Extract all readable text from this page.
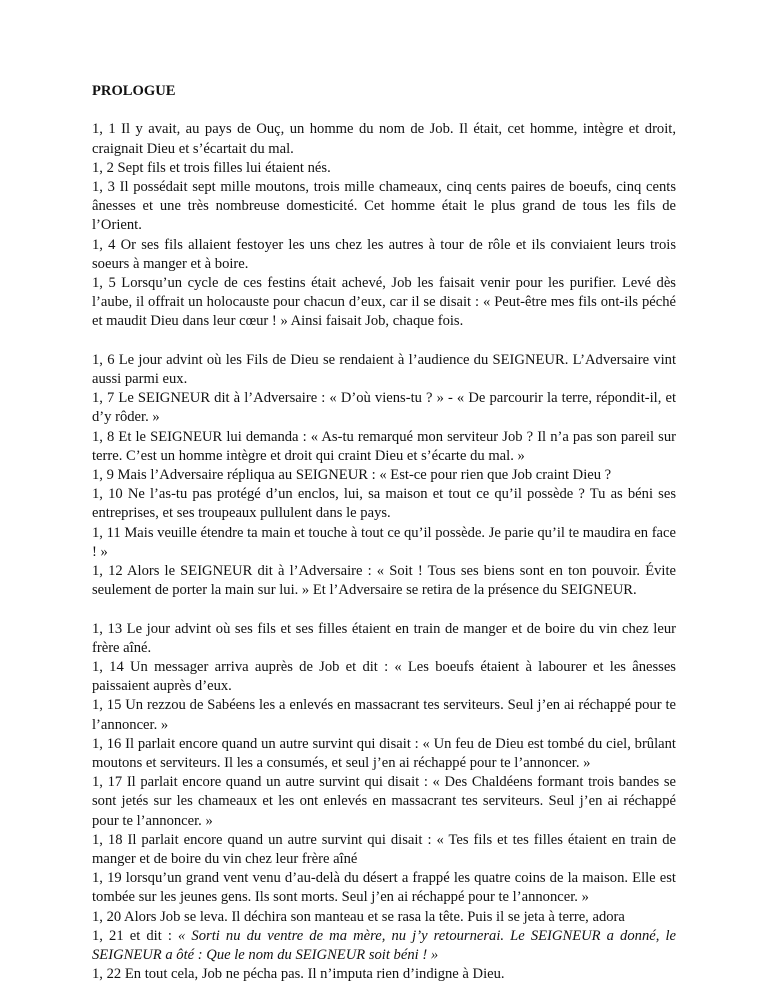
PROLOGUE
1, 1 Il y avait, au pays de Ouç, un homme du nom de Job. Il était, cet homme, intègre et droit, craignait Dieu et s’écartait du mal.
1, 2 Sept fils et trois filles lui étaient nés.
1, 3 Il possédait sept mille moutons, trois mille chameaux, cinq cents paires de boeufs, cinq cents ânesses et une très nombreuse domesticité. Cet homme était le plus grand de tous les fils de l’Orient.
1, 4 Or ses fils allaient festoyer les uns chez les autres à tour de rôle et ils conviaient leurs trois soeurs à manger et à boire.
1, 5 Lorsqu’un cycle de ces festins était achevé, Job les faisait venir pour les purifier. Levé dès l’aube, il offrait un holocauste pour chacun d’eux, car il se disait : « Peut-être mes fils ont-ils péché et maudit Dieu dans leur cœur ! » Ainsi faisait Job, chaque fois.
1, 6 Le jour advint où les Fils de Dieu se rendaient à l’audience du SEIGNEUR. L’Adversaire vint aussi parmi eux.
1, 7 Le SEIGNEUR dit à l’Adversaire : « D’où viens-tu ? » - « De parcourir la terre, répondit-il, et d’y rôder. »
1, 8 Et le SEIGNEUR lui demanda : « As-tu remarqué mon serviteur Job ? Il n’a pas son pareil sur terre. C’est un homme intègre et droit qui craint Dieu et s’écarte du mal. »
1, 9 Mais l’Adversaire répliqua au SEIGNEUR : « Est-ce pour rien que Job craint Dieu ?
1, 10 Ne l’as-tu pas protégé d’un enclos, lui, sa maison et tout ce qu’il possède ? Tu as béni ses entreprises, et ses troupeaux pullulent dans le pays.
1, 11 Mais veuille étendre ta main et touche à tout ce qu’il possède. Je parie qu’il te maudira en face ! »
1, 12 Alors le SEIGNEUR dit à l’Adversaire : « Soit ! Tous ses biens sont en ton pouvoir. Évite seulement de porter la main sur lui. » Et l’Adversaire se retira de la présence du SEIGNEUR.
1, 13 Le jour advint où ses fils et ses filles étaient en train de manger et de boire du vin chez leur frère aîné.
1, 14 Un messager arriva auprès de Job et dit : « Les boeufs étaient à labourer et les ânesses paissaient auprès d’eux.
1, 15 Un rezzou de Sabéens les a enlevés en massacrant tes serviteurs. Seul j’en ai réchappé pour te l’annoncer. »
1, 16 Il parlait encore quand un autre survint qui disait : « Un feu de Dieu est tombé du ciel, brûlant moutons et serviteurs. Il les a consumés, et seul j’en ai réchappé pour te l’annoncer. »
1, 17 Il parlait encore quand un autre survint qui disait : « Des Chaldéens formant trois bandes se sont jetés sur les chameaux et les ont enlevés en massacrant tes serviteurs. Seul j’en ai réchappé pour te l’annoncer. »
1, 18 Il parlait encore quand un autre survint qui disait : « Tes fils et tes filles étaient en train de manger et de boire du vin chez leur frère aîné
1, 19 lorsqu’un grand vent venu d’au-delà du désert a frappé les quatre coins de la maison. Elle est tombée sur les jeunes gens. Ils sont morts. Seul j’en ai réchappé pour te l’annoncer. »
1, 20 Alors Job se leva. Il déchira son manteau et se rasa la tête. Puis il se jeta à terre, adora
1, 21 et dit : « Sorti nu du ventre de ma mère, nu j’y retournerai. Le SEIGNEUR a donné, le SEIGNEUR a ôté : Que le nom du SEIGNEUR soit béni ! »
1, 22 En tout cela, Job ne pécha pas. Il n’imputa rien d’indigne à Dieu.
